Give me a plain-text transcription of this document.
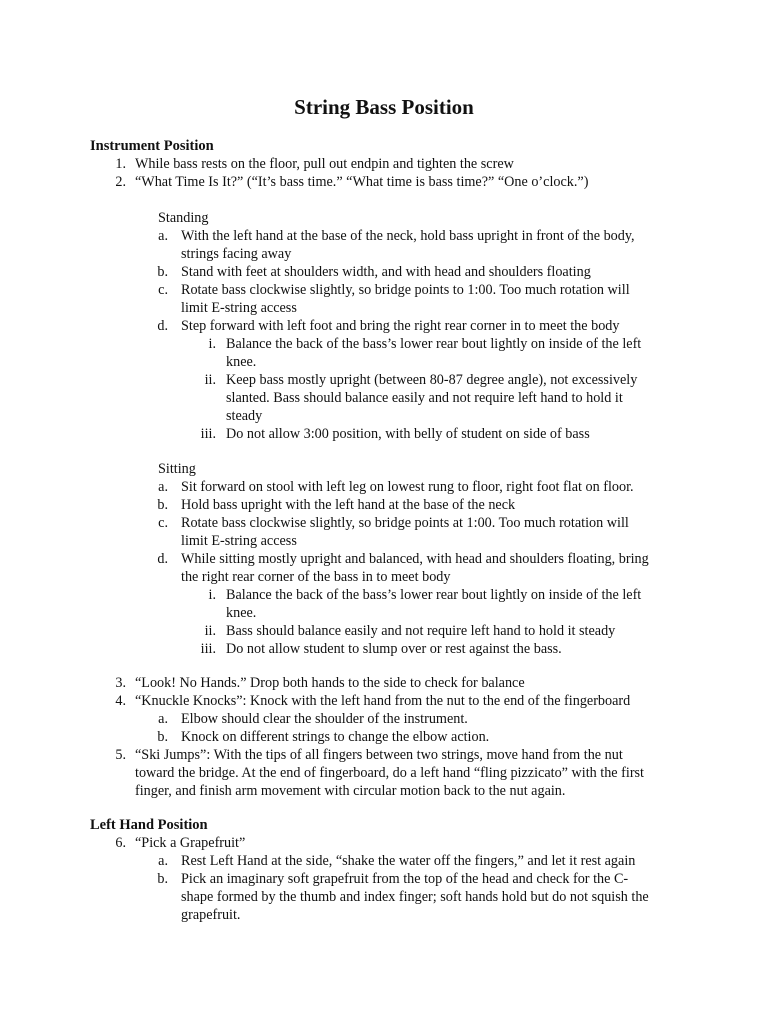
String Bass Position
Instrument Position
1. While bass rests on the floor, pull out endpin and tighten the screw
2. “What Time Is It?” (“It’s bass time.” “What time is bass time?” “One o’clock.”)
Standing
a. With the left hand at the base of the neck, hold bass upright in front of the body,
strings facing away
b. Stand with feet at shoulders width, and with head and shoulders floating
c. Rotate bass clockwise slightly, so bridge points to 1:00. Too much rotation will
limit E-string access
d. Step forward with left foot and bring the right rear corner in to meet the body
i. Balance the back of the bass’s lower rear bout lightly on inside of the left
knee.
ii. Keep bass mostly upright (between 80-87 degree angle), not excessively
slanted. Bass should balance easily and not require left hand to hold it
steady
iii. Do not allow 3:00 position, with belly of student on side of bass
Sitting
a. Sit forward on stool with left leg on lowest rung to floor, right foot flat on floor.
b. Hold bass upright with the left hand at the base of the neck
c. Rotate bass clockwise slightly, so bridge points at 1:00. Too much rotation will
limit E-string access
d. While sitting mostly upright and balanced, with head and shoulders floating, bring
the right rear corner of the bass in to meet body
i. Balance the back of the bass’s lower rear bout lightly on inside of the left
knee.
ii. Bass should balance easily and not require left hand to hold it steady
iii. Do not allow student to slump over or rest against the bass.
3. “Look! No Hands.” Drop both hands to the side to check for balance
4. “Knuckle Knocks”: Knock with the left hand from the nut to the end of the fingerboard
a. Elbow should clear the shoulder of the instrument.
b. Knock on different strings to change the elbow action.
5. “Ski Jumps”: With the tips of all fingers between two strings, move hand from the nut
toward the bridge. At the end of fingerboard, do a left hand “fling pizzicato” with the first
finger, and finish arm movement with circular motion back to the nut again.
Left Hand Position
6. “Pick a Grapefruit”
a. Rest Left Hand at the side, “shake the water off the fingers,” and let it rest again
b. Pick an imaginary soft grapefruit from the top of the head and check for the C-
shape formed by the thumb and index finger; soft hands hold but do not squish the
grapefruit.
